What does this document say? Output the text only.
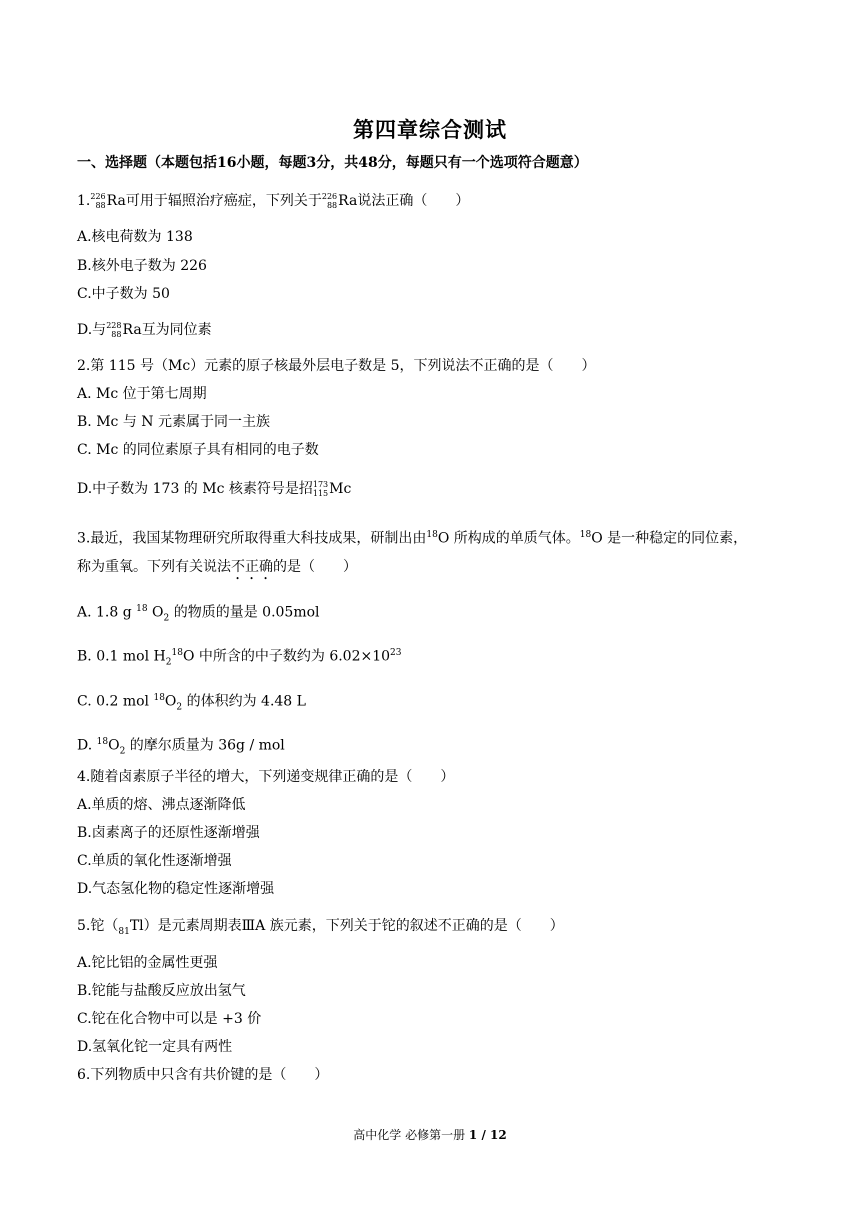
第四章综合测试
一、选择题（本题包括16小题，每题3分，共48分，每题只有一个选项符合题意）
1. 226
88 Ra可用于辐照治疗癌症，下列关于 226
88 Ra说法正确（　　）
A.核电荷数为 138
B.核外电子数为 226
C.中子数为 50
D.与 228
88 Ra互为同位素
2.第 115 号（Mc）元素的原子核最外层电子数是 5，下列说法不正确的是（　　）
A. Mc 位于第七周期
B. Mc 与 N 元素属于同一主族
C. Mc 的同位素原子具有相同的电子数
D.中子数为 173 的 Mc 核素符号是招 173
115 Mc
3.最近，我国某物理研究所取得重大科技成果，研制出由$^{18}$O 所构成的单质气体。$^{18}$O 是一种稳定的同位素，
称为重氧。下列有关说法不正确的是（　　）
A. 1.8 g $^{18}$ $O_2$ 的物质的量是 0.05mol
B. 0.1 mol $H_2^{18}O$ 中所含的中子数约为 $6.02\times 10^{23}$
C. 0.2 mol $^{18}O_2$ 的体积约为 4.48 L
D. $^{18}O_2$ 的摩尔质量为 36g / mol
4.随着卤素原子半径的增大，下列递变规律正确的是（　　）
A.单质的熔、沸点逐渐降低
B.卤素离子的还原性逐渐增强
C.单质的氧化性逐渐增强
D.气态氢化物的稳定性逐渐增强
5.铊$(_{81}Tl)$是元素周期表ⅢA 族元素，下列关于铊的叙述不正确的是（　　）
A.铊比铝的金属性更强
B.铊能与盐酸反应放出氢气
C.铊在化合物中可以是 +3 价
D.氢氧化铊一定具有两性
6.下列物质中只含有共价键的是（　　）
高中化学 必修第一册 1 / 12
